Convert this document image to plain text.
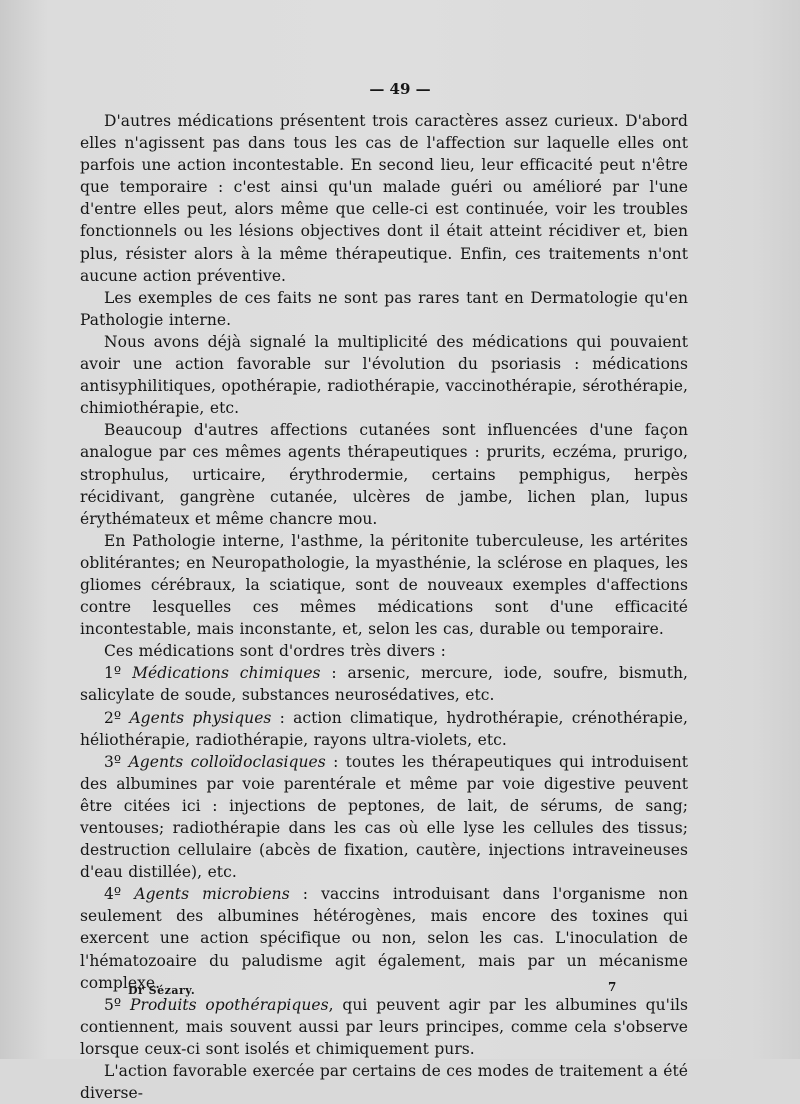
— 49 —

D'autres médications présentent trois caractères assez curieux. D'abord elles n'agissent pas dans tous les cas de l'affection sur laquelle elles ont parfois une action incontestable. En second lieu, leur efficacité peut n'être que temporaire : c'est ainsi qu'un malade guéri ou amélioré par l'une d'entre elles peut, alors même que celle-ci est continuée, voir les troubles fonctionnels ou les lésions objectives dont il était atteint récidiver et, bien plus, résister alors à la même thérapeutique. Enfin, ces traitements n'ont aucune action préventive.

Les exemples de ces faits ne sont pas rares tant en Dermatologie qu'en Pathologie interne.

Nous avons déjà signalé la multiplicité des médications qui pouvaient avoir une action favorable sur l'évolution du psoriasis : médications antisyphilitiques, opothérapie, radiothérapie, vaccinothérapie, sérothérapie, chimiothérapie, etc.

Beaucoup d'autres affections cutanées sont influencées d'une façon analogue par ces mêmes agents thérapeutiques : prurits, eczéma, prurigo, strophulus, urticaire, érythrodermie, certains pemphigus, herpès récidivant, gangrène cutanée, ulcères de jambe, lichen plan, lupus érythémateux et même chancre mou.

En Pathologie interne, l'asthme, la péritonite tuberculeuse, les artérites oblitérantes; en Neuropathologie, la myasthénie, la sclérose en plaques, les gliomes cérébraux, la sciatique, sont de nouveaux exemples d'affections contre lesquelles ces mêmes médications sont d'une efficacité incontestable, mais inconstante, et, selon les cas, durable ou temporaire.

Ces médications sont d'ordres très divers :

1º Médications chimiques : arsenic, mercure, iode, soufre, bismuth, salicylate de soude, substances neurosédatives, etc.

2º Agents physiques : action climatique, hydrothérapie, crénothérapie, héliothérapie, radiothérapie, rayons ultra-violets, etc.

3º Agents colloïdoclasiques : toutes les thérapeutiques qui introduisent des albumines par voie parentérale et même par voie digestive peuvent être citées ici : injections de peptones, de lait, de sérums, de sang; ventouses; radiothérapie dans les cas où elle lyse les cellules des tissus; destruction cellulaire (abcès de fixation, cautère, injections intraveineuses d'eau distillée), etc.

4º Agents microbiens : vaccins introduisant dans l'organisme non seulement des albumines hétérogènes, mais encore des toxines qui exercent une action spécifique ou non, selon les cas. L'inoculation de l'hématozoaire du paludisme agit également, mais par un mécanisme complexe.

5º Produits opothérapiques, qui peuvent agir par les albumines qu'ils contiennent, mais souvent aussi par leurs principes, comme cela s'observe lorsque ceux-ci sont isolés et chimiquement purs.

L'action favorable exercée par certains de ces modes de traitement a été diverse-

Dr Sézary.	7
